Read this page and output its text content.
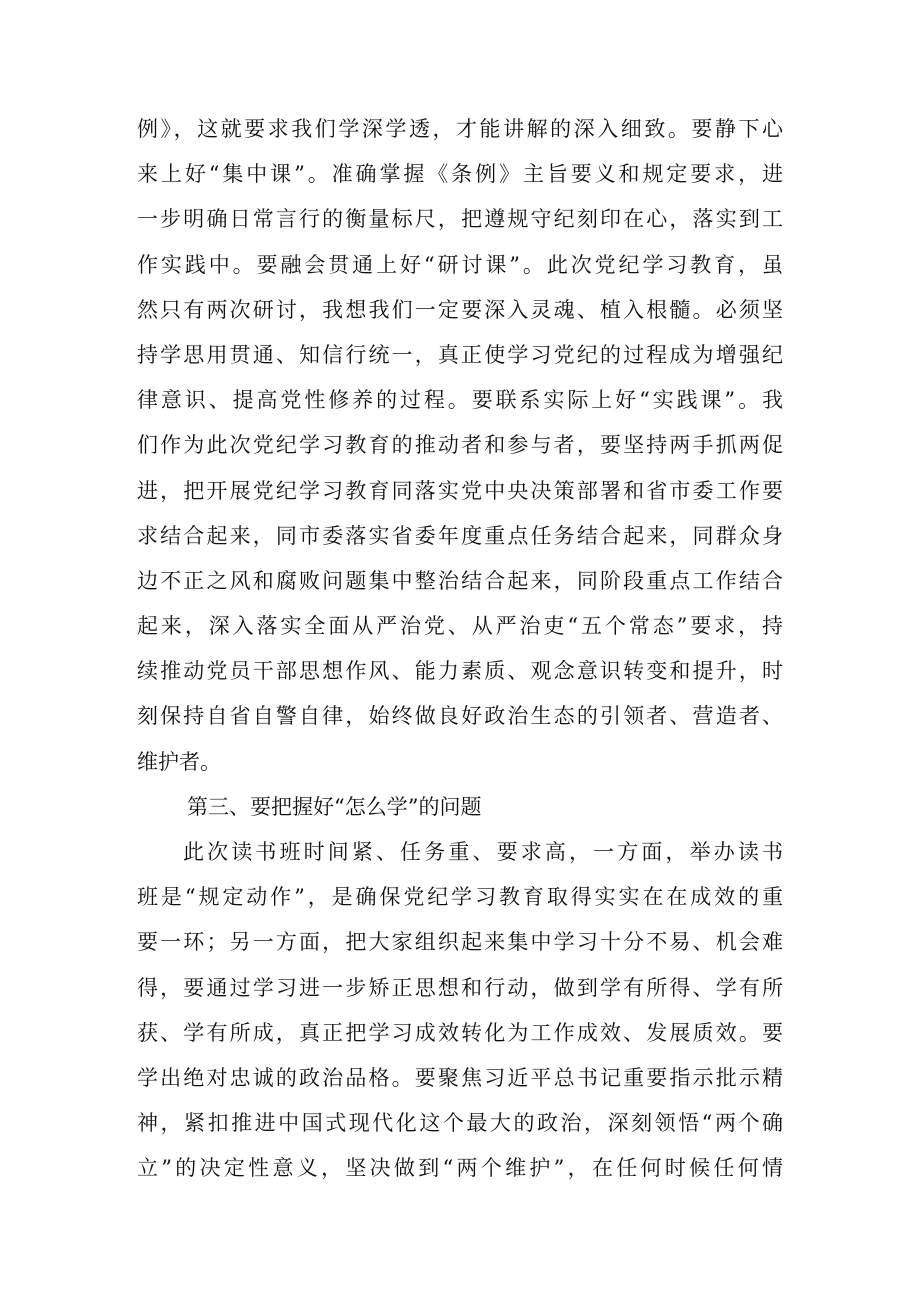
例》，这就要求我们学深学透，才能讲解的深入细致。要静下心
来上好“集中课”。准确掌握《条例》主旨要义和规定要求，进
一步明确日常言行的衡量标尺，把遵规守纪刻印在心，落实到工
作实践中。要融会贯通上好“研讨课”。此次党纪学习教育，虽
然只有两次研讨，我想我们一定要深入灵魂、植入根髓。必须坚
持学思用贯通、知信行统一，真正使学习党纪的过程成为增强纪
律意识、提高党性修养的过程。要联系实际上好“实践课”。我
们作为此次党纪学习教育的推动者和参与者，要坚持两手抓两促
进，把开展党纪学习教育同落实党中央决策部署和省市委工作要
求结合起来，同市委落实省委年度重点任务结合起来，同群众身
边不正之风和腐败问题集中整治结合起来，同阶段重点工作结合
起来，深入落实全面从严治党、从严治吏“五个常态”要求，持
续推动党员干部思想作风、能力素质、观念意识转变和提升，时
刻保持自省自警自律，始终做良好政治生态的引领者、营造者、
维护者。
第三、要把握好“怎么学”的问题
此次读书班时间紧、任务重、要求高，一方面，举办读书
班是“规定动作”，是确保党纪学习教育取得实实在在成效的重
要一环；另一方面，把大家组织起来集中学习十分不易、机会难
得，要通过学习进一步矫正思想和行动，做到学有所得、学有所
获、学有所成，真正把学习成效转化为工作成效、发展质效。要
学出绝对忠诚的政治品格。要聚焦习近平总书记重要指示批示精
神，紧扣推进中国式现代化这个最大的政治，深刻领悟“两个确
立”的决定性意义，坚决做到“两个维护”，在任何时候任何情
